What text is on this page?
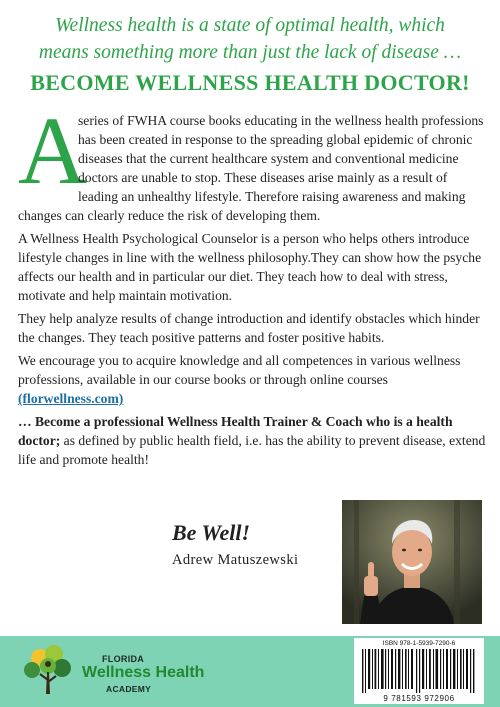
Wellness health is a state of optimal health, which
means something more than just the lack of disease …
BECOME WELLNESS HEALTH DOCTOR!

A
series of FWHA course books educating in the wellness health professions has been created in response to the spreading global epidemic of chronic diseases that the current healthcare system and conventional medicine doctors are unable to stop. These diseases arise mainly as a result of leading an unhealthy lifestyle. Therefore raising awareness and making changes can clearly reduce the risk of developing them.

A Wellness Health Psychological Counselor is a person who helps others introduce lifestyle changes in line with the wellness philosophy.They can show how the psyche affects our health and in particular our diet. They teach how to deal with stress, motivate and help maintain motivation.

They help analyze results of change introduction and identify obstacles which hinder the changes. They teach positive patterns and foster positive habits.

We encourage you to acquire knowledge and all competences in various wellness professions, available in our course books or through online courses (florwellness.com)

… Become a professional Wellness Health Trainer & Coach who is a health doctor; as defined by public health field, i.e. has the ability to prevent disease, extend life and promote health!

Be Well!
Adrew Matuszewski
FLORIDA
Wellness Health
ACADEMY
ISBN 978-1-5939-7290-6
9 781593 972906
